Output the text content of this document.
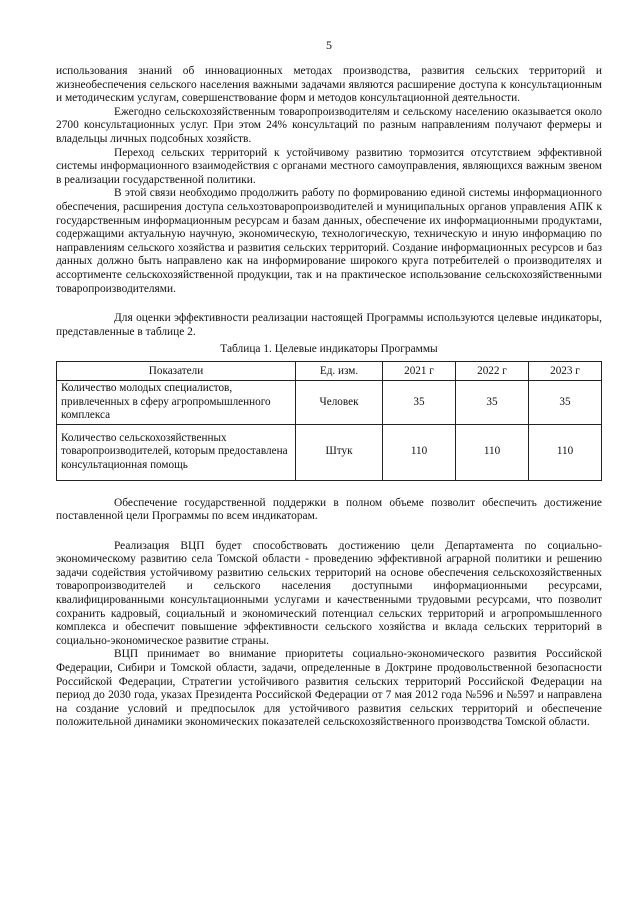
5

использования знаний об инновационных методах производства, развития сельских территорий и жизнеобеспечения сельского населения важными задачами являются расширение доступа к консультационным и методическим услугам, совершенствование форм и методов консультационной деятельности.

Ежегодно сельскохозяйственным товаропроизводителям и сельскому населению оказывается около 2700 консультационных услуг. При этом 24% консультаций по разным направлениям получают фермеры и владельцы личных подсобных хозяйств.

Переход сельских территорий к устойчивому развитию тормозится отсутствием эффективной системы информационного взаимодействия с органами местного самоуправления, являющихся важным звеном в реализации государственной политики.

В этой связи необходимо продолжить работу по формированию единой системы информационного обеспечения, расширения доступа сельхозтоваропроизводителей и муниципальных органов управления АПК к государственным информационным ресурсам и базам данных, обеспечение их информационными продуктами, содержащими актуальную научную, экономическую, технологическую, техническую и иную информацию по направлениям сельского хозяйства и развития сельских территорий. Создание информационных ресурсов и баз данных должно быть направлено как на информирование широкого круга потребителей о производителях и ассортименте сельскохозяйственной продукции, так и на практическое использование сельскохозяйственными товаропроизводителями.

Для оценки эффективности реализации настоящей Программы используются целевые индикаторы, представленные в таблице 2.

Таблица 1. Целевые индикаторы Программы
Показатели	Ед. изм.	2021 г	2022 г	2023 г
Количество молодых специалистов, привлеченных в сферу агропромышленного комплекса	Человек	35	35	35
Количество сельскохозяйственных товаропроизводителей, которым предоставлена консультационная помощь	Штук	110	110	110

Обеспечение государственной поддержки в полном объеме позволит обеспечить достижение поставленной цели Программы по всем индикаторам.

Реализация ВЦП будет способствовать достижению цели Департамента по социально-экономическому развитию села Томской области - проведению эффективной аграрной политики и решению задачи содействия устойчивому развитию сельских территорий на основе обеспечения сельскохозяйственных товаропроизводителей и сельского населения доступными информационными ресурсами, квалифицированными консультационными услугами и качественными трудовыми ресурсами, что позволит сохранить кадровый, социальный и экономический потенциал сельских территорий и агропромышленного комплекса и обеспечит повышение эффективности сельского хозяйства и вклада сельских территорий в социально-экономическое развитие страны.

ВЦП принимает во внимание приоритеты социально-экономического развития Российской Федерации, Сибири и Томской области, задачи, определенные в Доктрине продовольственной безопасности Российской Федерации, Стратегии устойчивого развития сельских территорий Российской Федерации на период до 2030 года, указах Президента Российской Федерации от 7 мая 2012 года №596 и №597 и направлена на создание условий и предпосылок для устойчивого развития сельских территорий и обеспечение положительной динамики экономических показателей сельскохозяйственного производства Томской области.
